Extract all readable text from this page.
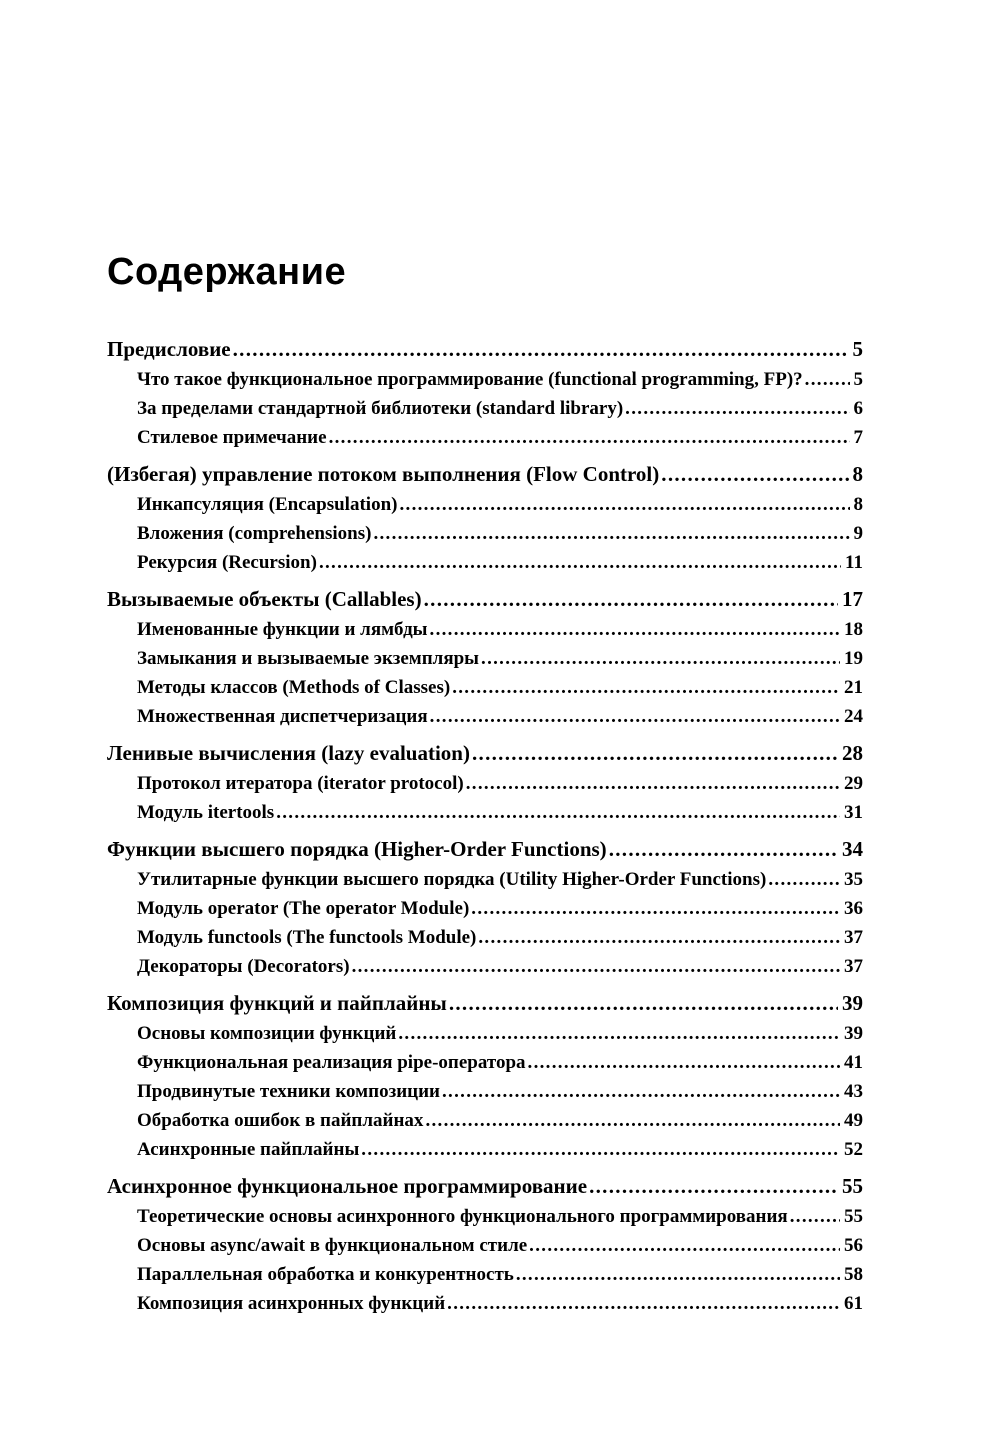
Содержание
Предисловие .....	5
Что такое функциональное программирование (functional programming, FP)? .....	5
За пределами стандартной библиотеки (standard library) .....	6
Стилевое примечание .....	7
(Избегая) управление потоком выполнения (Flow Control) .....	8
Инкапсуляция (Encapsulation) .....	8
Вложения (comprehensions) .....	9
Рекурсия (Recursion) .....	11
Вызываемые объекты (Callables) .....	17
Именованные функции и лямбды .....	18
Замыкания и вызываемые экземпляры .....	19
Методы классов (Methods of Classes) .....	21
Множественная диспетчеризация .....	24
Ленивые вычисления (lazy evaluation) .....	28
Протокол итератора (iterator protocol) .....	29
Модуль itertools .....	31
Функции высшего порядка (Higher-Order Functions) .....	34
Утилитарные функции высшего порядка (Utility Higher-Order Functions) .....	35
Модуль operator (The operator Module) .....	36
Модуль functools (The functools Module) .....	37
Декораторы (Decorators) .....	37
Композиция функций и пайплайны .....	39
Основы композиции функций .....	39
Функциональная реализация pipe-оператора .....	41
Продвинутые техники композиции .....	43
Обработка ошибок в пайплайнах .....	49
Асинхронные пайплайны .....	52
Асинхронное функциональное программирование .....	55
Теоретические основы асинхронного функционального программирования .....	55
Основы async/await в функциональном стиле .....	56
Параллельная обработка и конкурентность .....	58
Композиция асинхронных функций .....	61
